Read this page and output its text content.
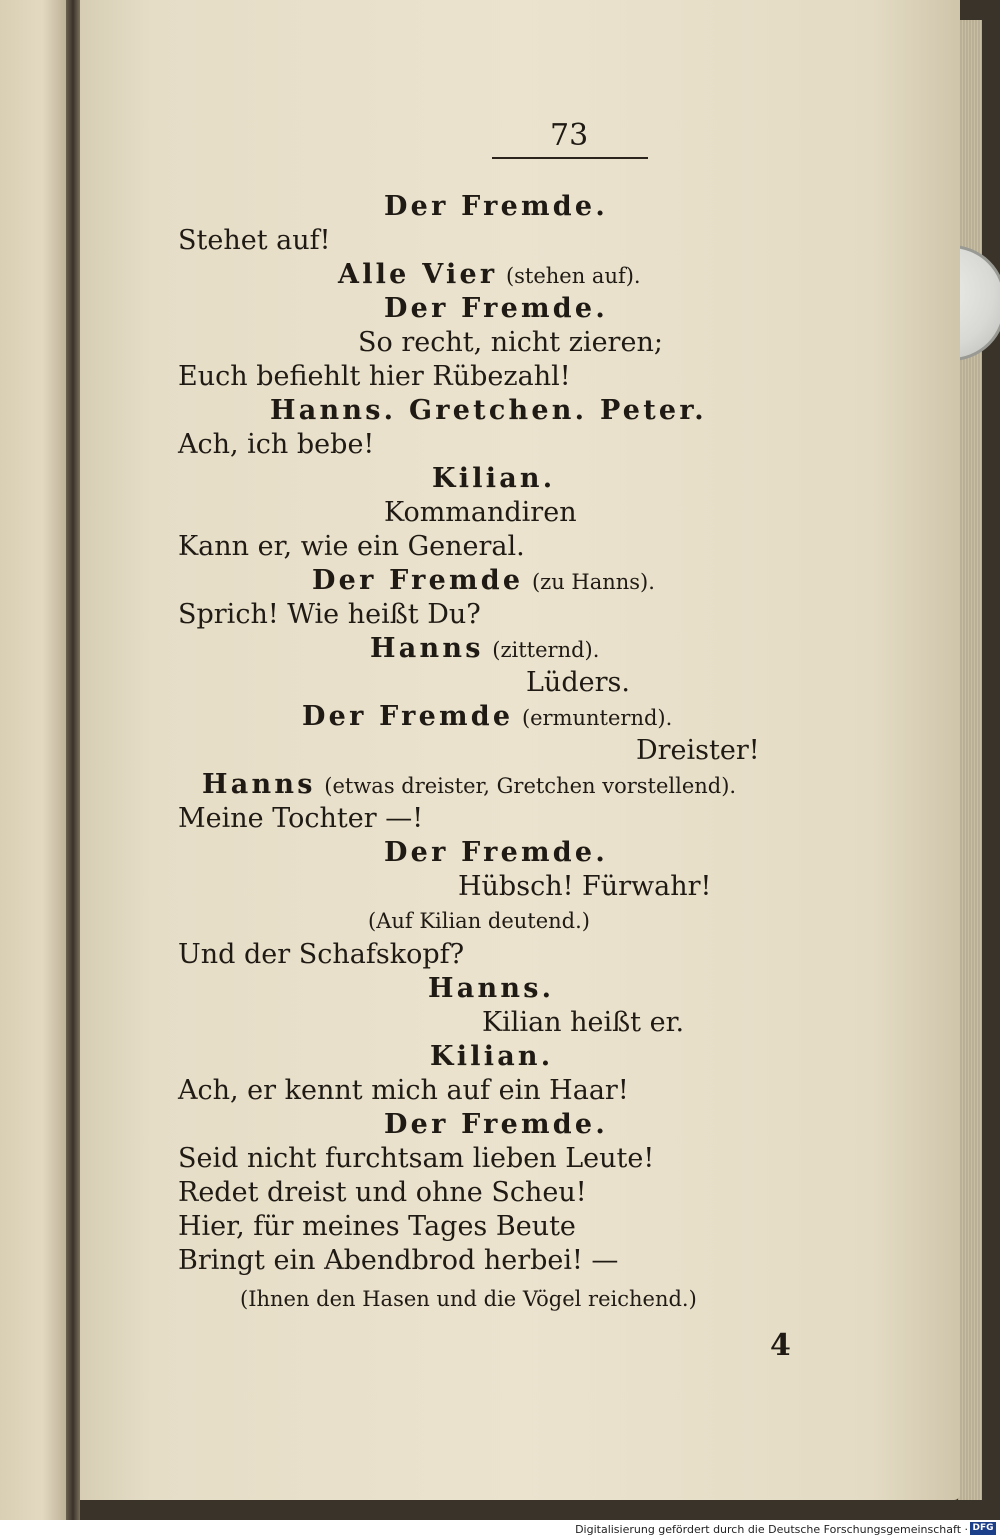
73
Der Fremde.
Stehet auf!
Alle Vier (stehen auf).
Der Fremde.
So recht, nicht zieren;
Euch befiehlt hier Rübezahl!
Hanns. Gretchen. Peter.
Ach, ich bebe!
Kilian.
Kommandiren
Kann er, wie ein General.
Der Fremde (zu Hanns).
Sprich! Wie heißt Du?
Hanns (zitternd).
Lüders.
Der Fremde (ermunternd).
Dreister!
Hanns (etwas dreister, Gretchen vorstellend).
Meine Tochter —!
Der Fremde.
Hübsch! Fürwahr!
(Auf Kilian deutend.)
Und der Schafskopf?
Hanns.
Kilian heißt er.
Kilian.
Ach, er kennt mich auf ein Haar!
Der Fremde.
Seid nicht furchtsam lieben Leute!
Redet dreist und ohne Scheu!
Hier, für meines Tages Beute
Bringt ein Abendbrod herbei! —
(Ihnen den Hasen und die Vögel reichend.)
4
Digitalisierung gefördert durch die Deutsche Forschungsgemeinschaft · DFG
